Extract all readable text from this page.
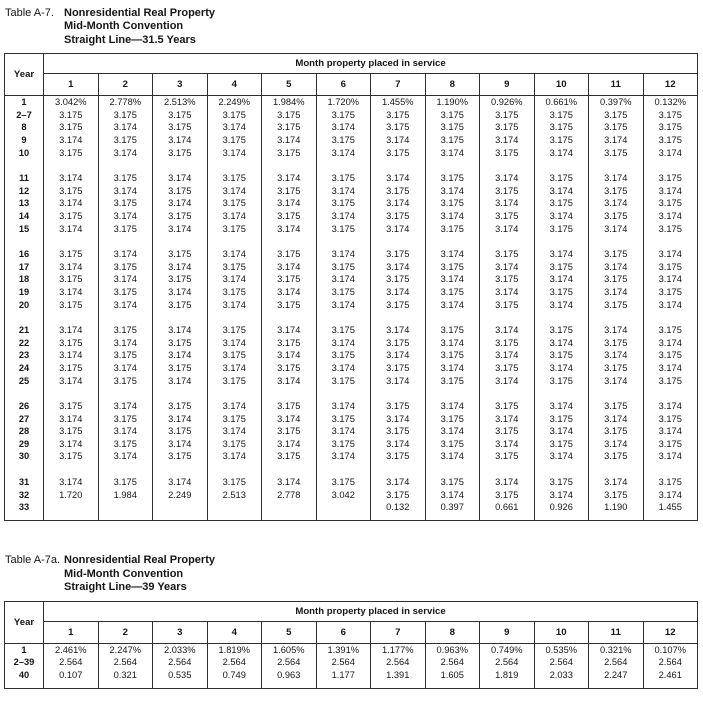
Table A-7. Nonresidential Real Property
Mid-Month Convention
Straight Line—31.5 Years
Year	Month property placed in service											
	1	2	3	4	5	6	7	8	9	10	11	12
1	3.042%	2.778%	2.513%	2.249%	1.984%	1.720%	1.455%	1.190%	0.926%	0.661%	0.397%	0.132%
2–7	3.175	3.175	3.175	3.175	3.175	3.175	3.175	3.175	3.175	3.175	3.175	3.175
8	3.175	3.174	3.175	3.174	3.175	3.174	3.175	3.175	3.175	3.175	3.175	3.175
9	3.174	3.175	3.174	3.175	3.174	3.175	3.174	3.175	3.174	3.175	3.174	3.175
10	3.175	3.174	3.175	3.174	3.175	3.174	3.175	3.174	3.175	3.174	3.175	3.174

11	3.174	3.175	3.174	3.175	3.174	3.175	3.174	3.175	3.174	3.175	3.174	3.175
12	3.175	3.174	3.175	3.174	3.175	3.174	3.175	3.174	3.175	3.174	3.175	3.174
13	3.174	3.175	3.174	3.175	3.174	3.175	3.174	3.175	3.174	3.175	3.174	3.175
14	3.175	3.174	3.175	3.174	3.175	3.174	3.175	3.174	3.175	3.174	3.175	3.174
15	3.174	3.175	3.174	3.175	3.174	3.175	3.174	3.175	3.174	3.175	3.174	3.175

16	3.175	3.174	3.175	3.174	3.175	3.174	3.175	3.174	3.175	3.174	3.175	3.174
17	3.174	3.175	3.174	3.175	3.174	3.175	3.174	3.175	3.174	3.175	3.174	3.175
18	3.175	3.174	3.175	3.174	3.175	3.174	3.175	3.174	3.175	3.174	3.175	3.174
19	3.174	3.175	3.174	3.175	3.174	3.175	3.174	3.175	3.174	3.175	3.174	3.175
20	3.175	3.174	3.175	3.174	3.175	3.174	3.175	3.174	3.175	3.174	3.175	3.174

21	3.174	3.175	3.174	3.175	3.174	3.175	3.174	3.175	3.174	3.175	3.174	3.175
22	3.175	3.174	3.175	3.174	3.175	3.174	3.175	3.174	3.175	3.174	3.175	3.174
23	3.174	3.175	3.174	3.175	3.174	3.175	3.174	3.175	3.174	3.175	3.174	3.175
24	3.175	3.174	3.175	3.174	3.175	3.174	3.175	3.174	3.175	3.174	3.175	3.174
25	3.174	3.175	3.174	3.175	3.174	3.175	3.174	3.175	3.174	3.175	3.174	3.175

26	3.175	3.174	3.175	3.174	3.175	3.174	3.175	3.174	3.175	3.174	3.175	3.174
27	3.174	3.175	3.174	3.175	3.174	3.175	3.174	3.175	3.174	3.175	3.174	3.175
28	3.175	3.174	3.175	3.174	3.175	3.174	3.175	3.174	3.175	3.174	3.175	3.174
29	3.174	3.175	3.174	3.175	3.174	3.175	3.174	3.175	3.174	3.175	3.174	3.175
30	3.175	3.174	3.175	3.174	3.175	3.174	3.175	3.174	3.175	3.174	3.175	3.174

31	3.174	3.175	3.174	3.175	3.174	3.175	3.174	3.175	3.174	3.175	3.174	3.175
32	1.720	1.984	2.249	2.513	2.778	3.042	3.175	3.174	3.175	3.174	3.175	3.174
33							0.132	0.397	0.661	0.926	1.190	1.455

Table A-7a. Nonresidential Real Property
Mid-Month Convention
Straight Line—39 Years
Year	Month property placed in service											
	1	2	3	4	5	6	7	8	9	10	11	12
1	2.461%	2.247%	2.033%	1.819%	1.605%	1.391%	1.177%	0.963%	0.749%	0.535%	0.321%	0.107%
2–39	2.564	2.564	2.564	2.564	2.564	2.564	2.564	2.564	2.564	2.564	2.564	2.564
40	0.107	0.321	0.535	0.749	0.963	1.177	1.391	1.605	1.819	2.033	2.247	2.461
